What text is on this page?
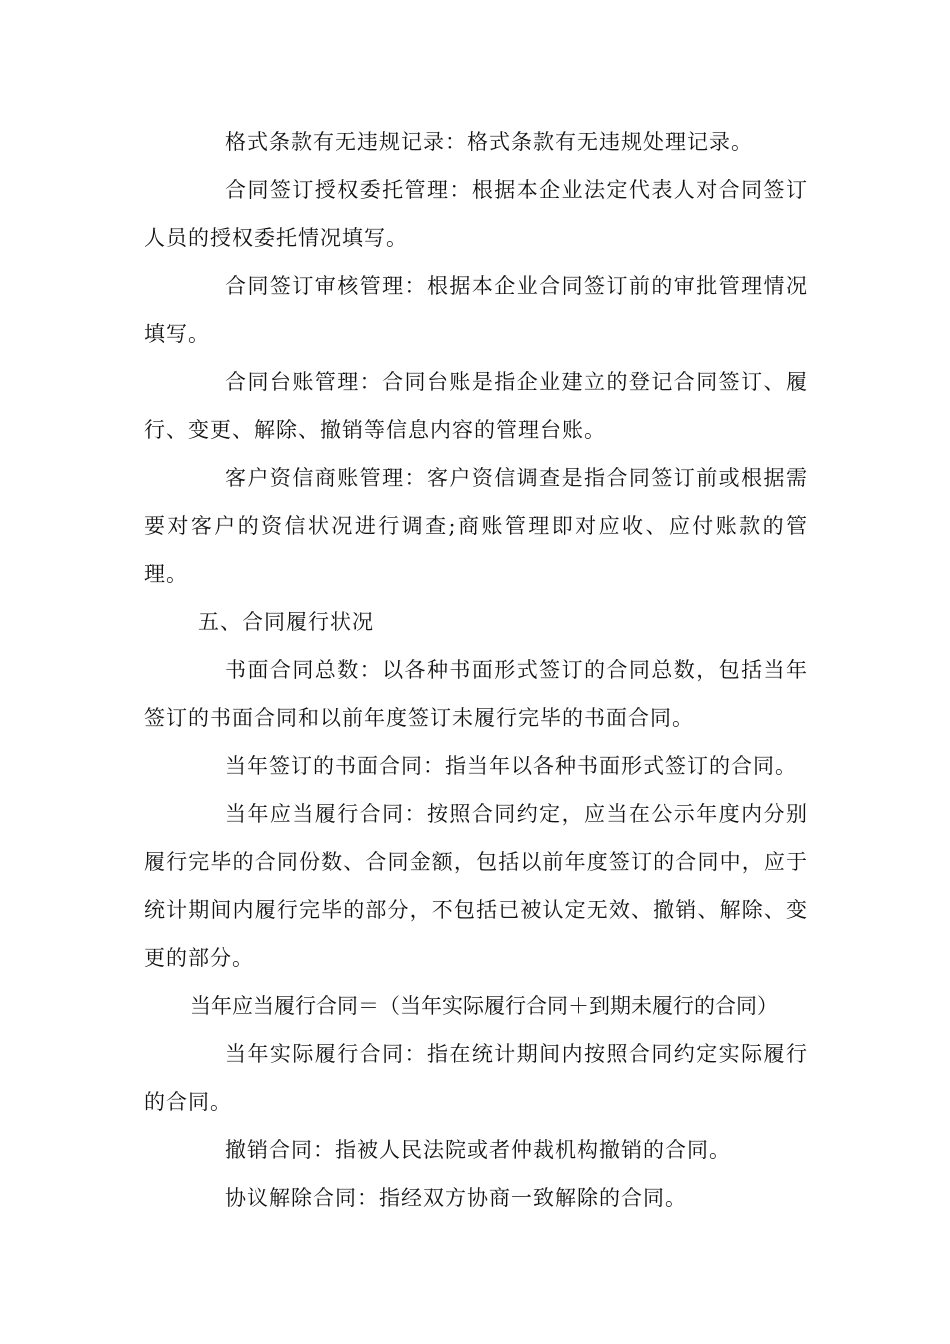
格式条款有无违规记录：格式条款有无违规处理记录。

合同签订授权委托管理：根据本企业法定代表人对合同签订人员的授权委托情况填写。

合同签订审核管理：根据本企业合同签订前的审批管理情况填写。

合同台账管理：合同台账是指企业建立的登记合同签订、履行、变更、解除、撤销等信息内容的管理台账。

客户资信商账管理：客户资信调查是指合同签订前或根据需要对客户的资信状况进行调查;商账管理即对应收、应付账款的管理。

五、合同履行状况

书面合同总数：以各种书面形式签订的合同总数，包括当年签订的书面合同和以前年度签订未履行完毕的书面合同。

当年签订的书面合同：指当年以各种书面形式签订的合同。

当年应当履行合同：按照合同约定，应当在公示年度内分别履行完毕的合同份数、合同金额，包括以前年度签订的合同中，应于统计期间内履行完毕的部分，不包括已被认定无效、撤销、解除、变更的部分。

当年应当履行合同＝（当年实际履行合同＋到期未履行的合同）

当年实际履行合同：指在统计期间内按照合同约定实际履行的合同。

撤销合同：指被人民法院或者仲裁机构撤销的合同。

协议解除合同：指经双方协商一致解除的合同。
